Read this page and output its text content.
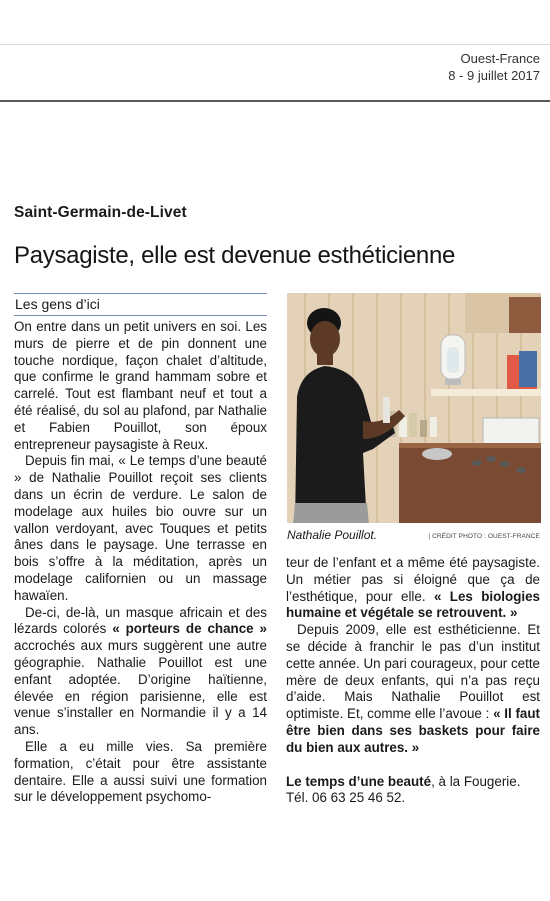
Ouest-France
8 - 9 juillet 2017
Saint-Germain-de-Livet
Paysagiste, elle est devenue esthéticienne
Les gens d’ici

On entre dans un petit univers en soi. Les murs de pierre et de pin donnent une touche nordique, façon chalet d’altitude, que confirme le grand hammam sobre et carrelé. Tout est flambant neuf et tout a été réalisé, du sol au plafond, par Nathalie et Fabien Pouillot, son époux entrepreneur paysagiste à Reux.

Depuis fin mai, « Le temps d’une beauté » de Nathalie Pouillot reçoit ses clients dans un écrin de verdure. Le salon de modelage aux huiles bio ouvre sur un vallon verdoyant, avec Touques et petits ânes dans le paysage. Une terrasse en bois s’offre à la méditation, après un modelage californien ou un massage hawaïen.

De-ci, de-là, un masque africain et des lézards colorés « porteurs de chance » accrochés aux murs suggèrent une autre géographie. Nathalie Pouillot est une enfant adoptée. D’origine haïtienne, élevée en région parisienne, elle est venue s’installer en Normandie il y a 14 ans.

Elle a eu mille vies. Sa première formation, c’était pour être assistante dentaire. Elle a aussi suivi une formation sur le développement psychomo-

Nathalie Pouillot.	| CRÉDIT PHOTO : OUEST-FRANCE

teur de l’enfant et a même été paysagiste. Un métier pas si éloigné que ça de l’esthétique, pour elle. « Les biologies humaine et végétale se retrouvent. »

Depuis 2009, elle est esthéticienne. Et se décide à franchir le pas d’un institut cette année. Un pari courageux, pour cette mère de deux enfants, qui n’a pas reçu d’aide. Mais Nathalie Pouillot est optimiste. Et, comme elle l’avoue : « Il faut être bien dans ses baskets pour faire du bien aux autres. »

Le temps d’une beauté, à la Fougerie. Tél. 06 63 25 46 52.
